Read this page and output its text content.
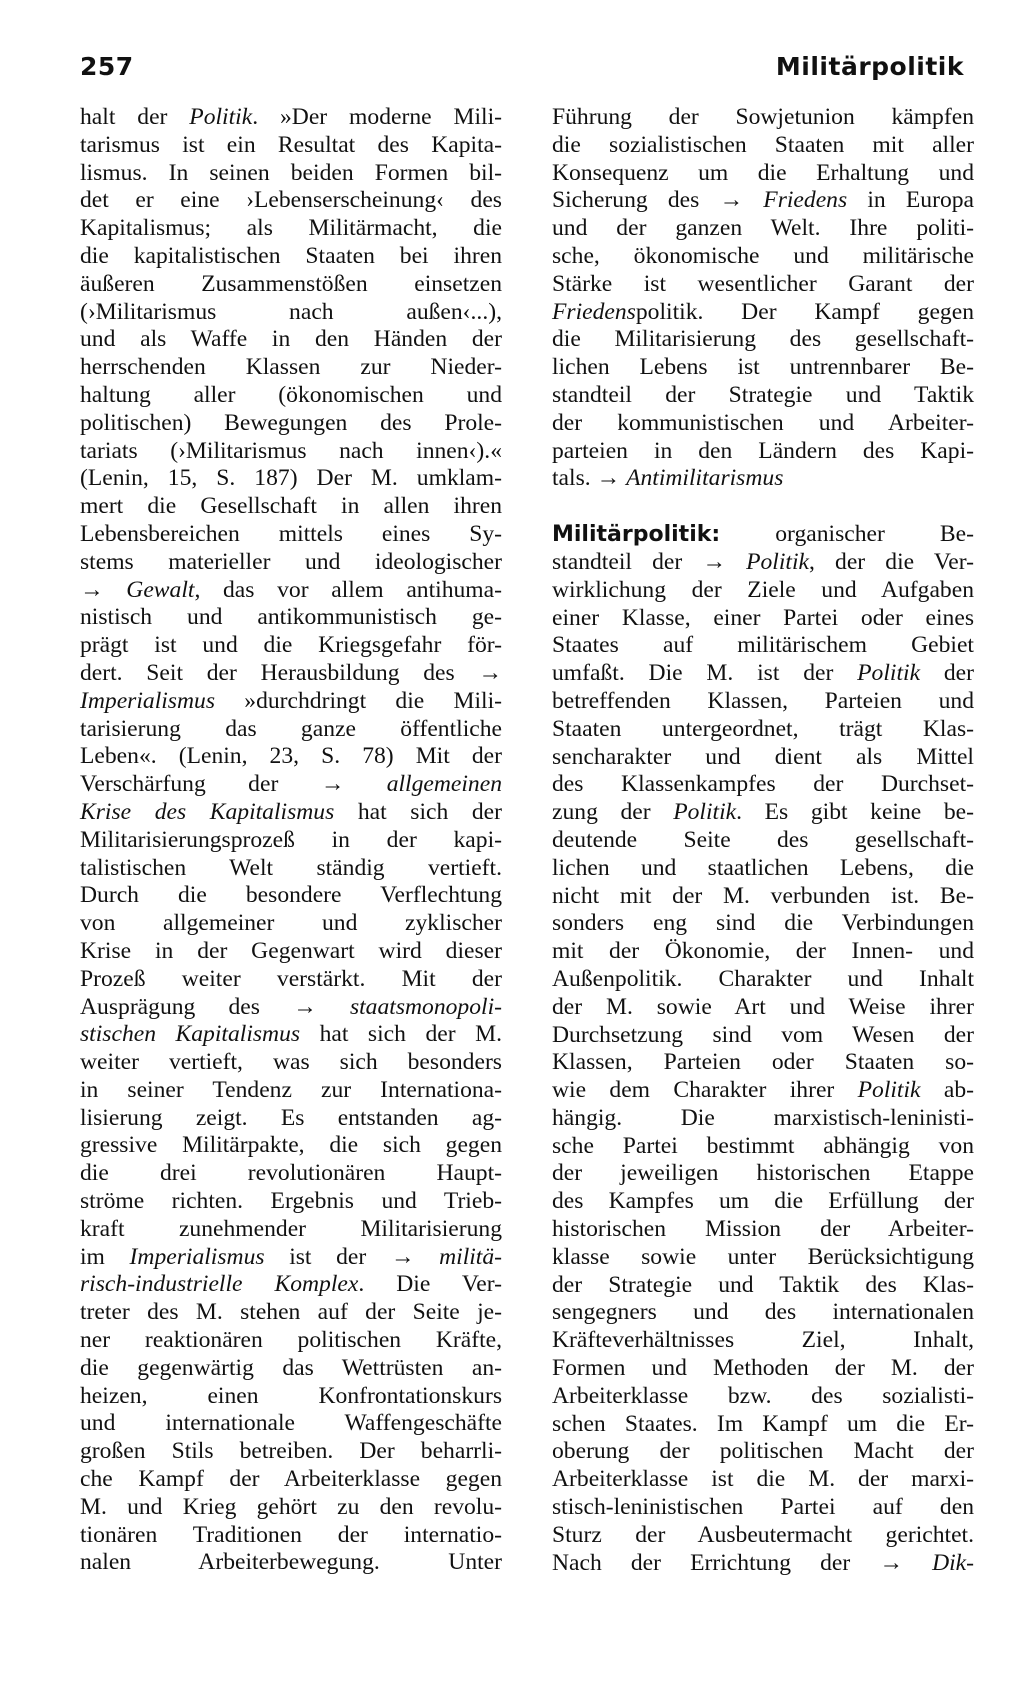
257	Militärpolitik
halt der Politik. »Der moderne Mili-
tarismus ist ein Resultat des Kapita-
lismus. In seinen beiden Formen bil-
det er eine ›Lebenserscheinung‹ des
Kapitalismus; als Militärmacht, die
die kapitalistischen Staaten bei ihren
äußeren Zusammenstößen einsetzen
(›Militarismus nach außen‹...),
und als Waffe in den Händen der
herrschenden Klassen zur Nieder-
haltung aller (ökonomischen und
politischen) Bewegungen des Prole-
tariats (›Militarismus nach innen‹).«
(Lenin, 15, S. 187) Der M. umklam-
mert die Gesellschaft in allen ihren
Lebensbereichen mittels eines Sy-
stems materieller und ideologischer
→ Gewalt, das vor allem antihuma-
nistisch und antikommunistisch ge-
prägt ist und die Kriegsgefahr för-
dert. Seit der Herausbildung des →
Imperialismus »durchdringt die Mili-
tarisierung das ganze öffentliche
Leben«. (Lenin, 23, S. 78) Mit der
Verschärfung der → allgemeinen
Krise des Kapitalismus hat sich der
Militarisierungsprozeß in der kapi-
talistischen Welt ständig vertieft.
Durch die besondere Verflechtung
von allgemeiner und zyklischer
Krise in der Gegenwart wird dieser
Prozeß weiter verstärkt. Mit der
Ausprägung des → staatsmonopoli-
stischen Kapitalismus hat sich der M.
weiter vertieft, was sich besonders
in seiner Tendenz zur Internationa-
lisierung zeigt. Es entstanden ag-
gressive Militärpakte, die sich gegen
die drei revolutionären Haupt-
ströme richten. Ergebnis und Trieb-
kraft zunehmender Militarisierung
im Imperialismus ist der → militä-
risch-industrielle Komplex. Die Ver-
treter des M. stehen auf der Seite je-
ner reaktionären politischen Kräfte,
die gegenwärtig das Wettrüsten an-
heizen, einen Konfrontationskurs
und internationale Waffengeschäfte
großen Stils betreiben. Der beharrli-
che Kampf der Arbeiterklasse gegen
M. und Krieg gehört zu den revolu-
tionären Traditionen der internatio-
nalen Arbeiterbewegung. Unter
Führung der Sowjetunion kämpfen
die sozialistischen Staaten mit aller
Konsequenz um die Erhaltung und
Sicherung des → Friedens in Europa
und der ganzen Welt. Ihre politi-
sche, ökonomische und militärische
Stärke ist wesentlicher Garant der
Friedenspolitik. Der Kampf gegen
die Militarisierung des gesellschaft-
lichen Lebens ist untrennbarer Be-
standteil der Strategie und Taktik
der kommunistischen und Arbeiter-
parteien in den Ländern des Kapi-
tals. → Antimilitarismus
Militärpolitik: organischer Be-
standteil der → Politik, der die Ver-
wirklichung der Ziele und Aufgaben
einer Klasse, einer Partei oder eines
Staates auf militärischem Gebiet
umfaßt. Die M. ist der Politik der
betreffenden Klassen, Parteien und
Staaten untergeordnet, trägt Klas-
sencharakter und dient als Mittel
des Klassenkampfes der Durchset-
zung der Politik. Es gibt keine be-
deutende Seite des gesellschaft-
lichen und staatlichen Lebens, die
nicht mit der M. verbunden ist. Be-
sonders eng sind die Verbindungen
mit der Ökonomie, der Innen- und
Außenpolitik. Charakter und Inhalt
der M. sowie Art und Weise ihrer
Durchsetzung sind vom Wesen der
Klassen, Parteien oder Staaten so-
wie dem Charakter ihrer Politik ab-
hängig. Die marxistisch-leninisti-
sche Partei bestimmt abhängig von
der jeweiligen historischen Etappe
des Kampfes um die Erfüllung der
historischen Mission der Arbeiter-
klasse sowie unter Berücksichtigung
der Strategie und Taktik des Klas-
sengegners und des internationalen
Kräfteverhältnisses Ziel, Inhalt,
Formen und Methoden der M. der
Arbeiterklasse bzw. des sozialisti-
schen Staates. Im Kampf um die Er-
oberung der politischen Macht der
Arbeiterklasse ist die M. der marxi-
stisch-leninistischen Partei auf den
Sturz der Ausbeutermacht gerichtet.
Nach der Errichtung der → Dik-
